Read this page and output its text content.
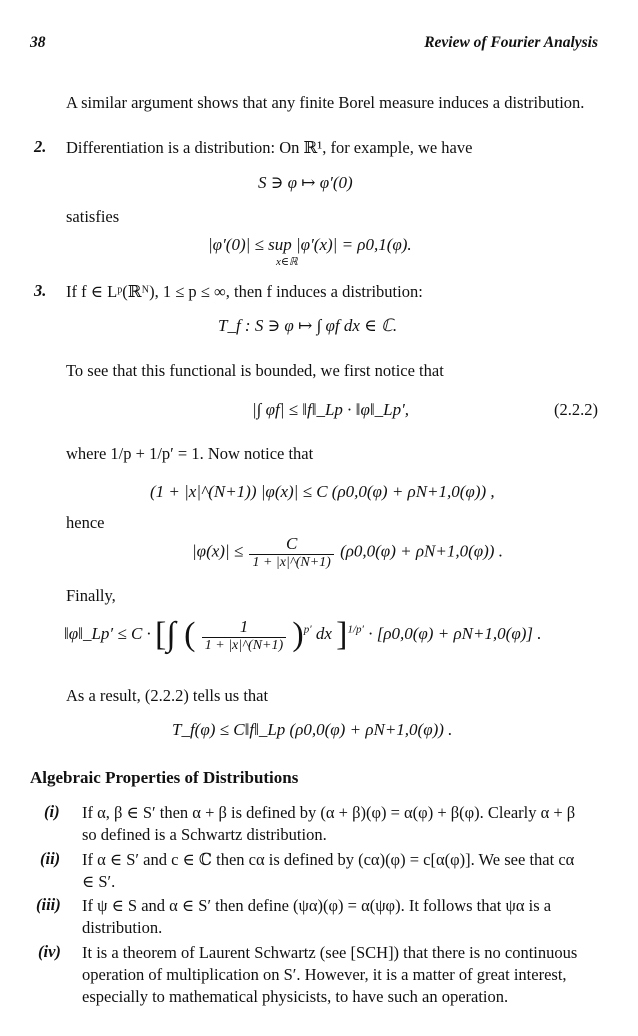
38	Review of Fourier Analysis
A similar argument shows that any finite Borel measure induces a distribution.
2.	Differentiation is a distribution: On ℝ¹, for example, we have
S ∋ φ ↦ φ′(0)
satisfies
|φ′(0)| ≤ sup |φ′(x)| = ρ0,1(φ).
x∈ℝ
3.	If f ∈ Lᵖ(ℝᴺ), 1 ≤ p ≤ ∞, then f induces a distribution:
T_f : S ∋ φ ↦ ∫ φf dx ∈ ℂ.
To see that this functional is bounded, we first notice that
|∫ φf| ≤ ‖f‖_Lp · ‖φ‖_Lp′,	(2.2.2)
where 1/p + 1/p′ = 1. Now notice that
(1 + |x|^(N+1)) |φ(x)| ≤ C (ρ0,0(φ) + ρN+1,0(φ)) ,
hence
$|\varphi(x)| \le \frac{C}{1 + |x|\^{}(N+1)} (\rho 0,0(\varphi) + \rho N+1,0(\varphi))$ .
Finally,
‖φ‖_Lp′ ≤ C · [∫ ( $\frac{1}{1 + |x|\^{}(N+1)} )^{p'}$ dx ]$^{1/p'}$ · [ρ0,0(φ) + ρN+1,0(φ)] .
As a result, (2.2.2) tells us that
T_f(φ) ≤ C‖f‖_Lp (ρ0,0(φ) + ρN+1,0(φ)) .
Algebraic Properties of Distributions
(i)	If α, β ∈ S′ then α + β is defined by (α + β)(φ) = α(φ) + β(φ). Clearly α + β so defined is a Schwartz distribution.
(ii)	If α ∈ S′ and c ∈ ℂ then cα is defined by (cα)(φ) = c[α(φ)]. We see that cα ∈ S′.
(iii)	If ψ ∈ S and α ∈ S′ then define (ψα)(φ) = α(ψφ). It follows that ψα is a distribution.
(iv)	It is a theorem of Laurent Schwartz (see [SCH]) that there is no continuous operation of multiplication on S′. However, it is a matter of great interest, especially to mathematical physicists, to have such an operation.
